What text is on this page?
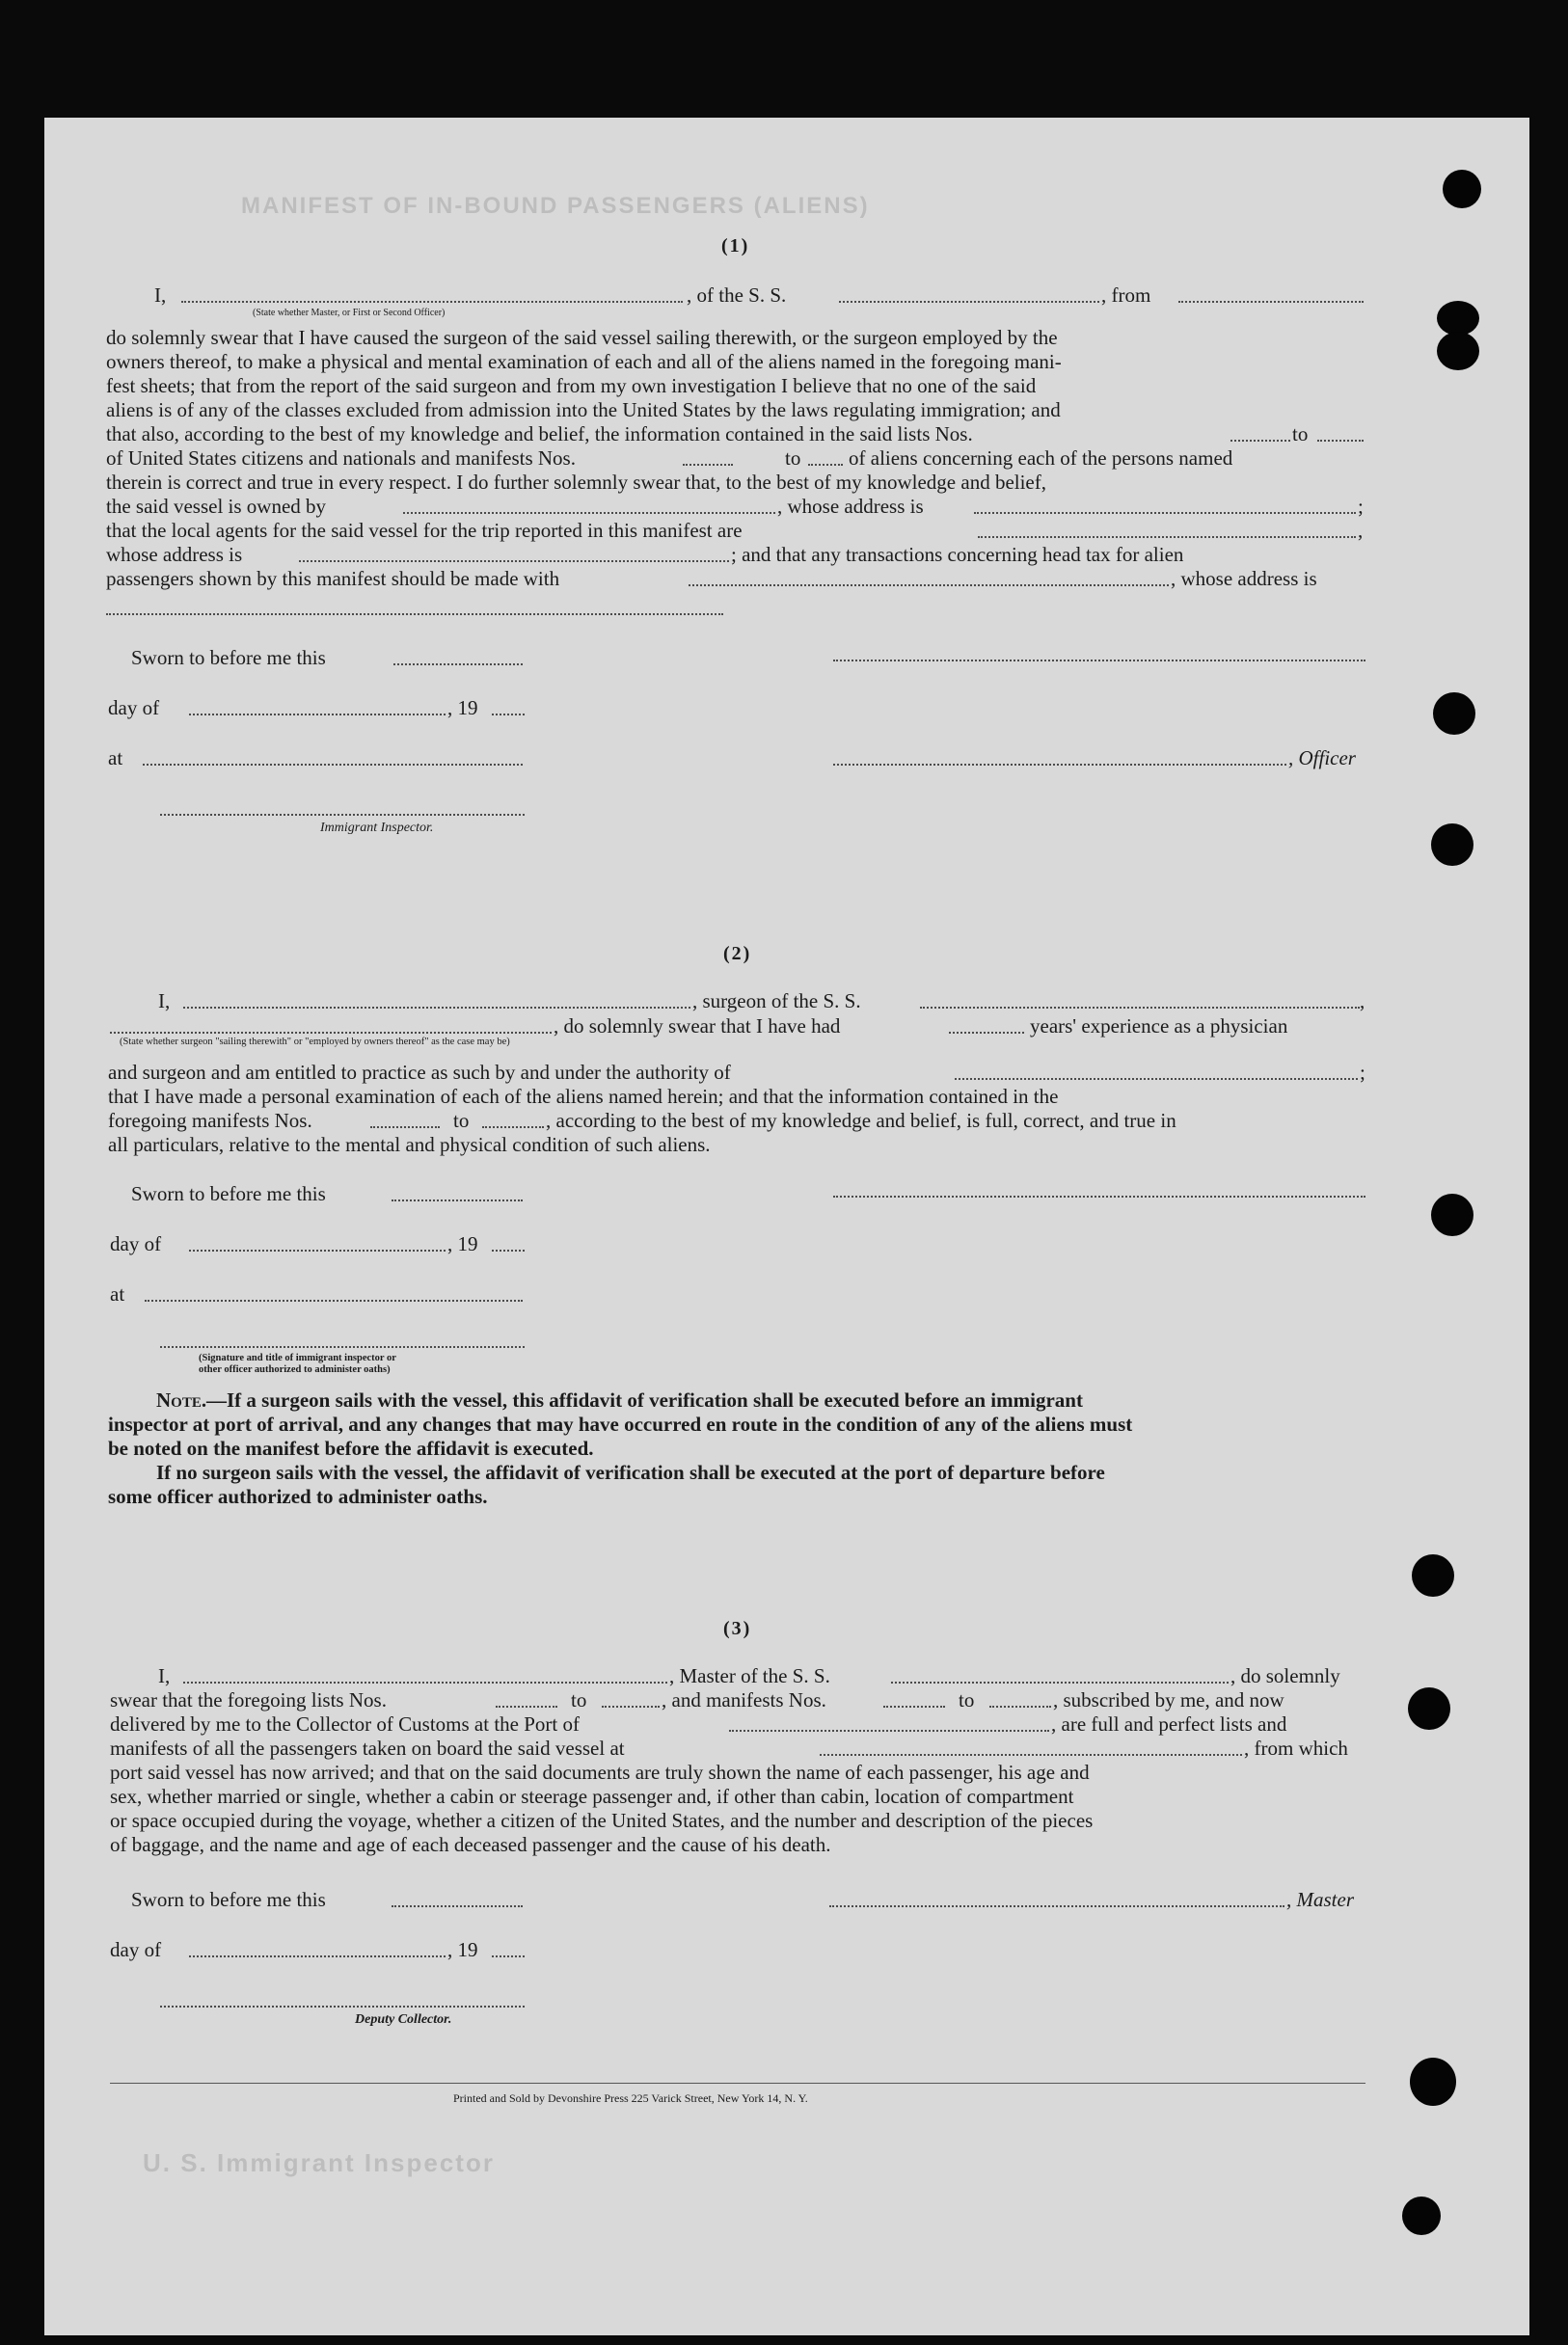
MANIFEST OF IN-BOUND PASSENGERS (ALIENS)
U. S. Immigrant Inspector
(1)
I,	, of the S. S.	, from
(State whether Master, or First or Second Officer)
do solemnly swear that I have caused the surgeon of the said vessel sailing therewith, or the surgeon employed by the
owners thereof, to make a physical and mental examination of each and all of the aliens named in the foregoing mani-
fest sheets; that from the report of the said surgeon and from my own investigation I believe that no one of the said
aliens is of any of the classes excluded from admission into the United States by the laws regulating immigration; and
that also, according to the best of my knowledge and belief, the information contained in the said lists Nos.	to
of United States citizens and nationals and manifests Nos.	to of aliens concerning each of the persons named
therein is correct and true in every respect. I do further solemnly swear that, to the best of my knowledge and belief,
the said vessel is owned by	, whose address is	;
that the local agents for the said vessel for the trip reported in this manifest are	,
whose address is	; and that any transactions concerning head tax for alien
passengers shown by this manifest should be made with	, whose address is
Sworn to before me this
day of	, 19
at	, Officer
Immigrant Inspector.
(2)
I,	, surgeon of the S. S.	,
, do solemnly swear that I have had	years' experience as a physician
(State whether surgeon "sailing therewith" or "employed by owners thereof" as the case may be)
and surgeon and am entitled to practice as such by and under the authority of	;
that I have made a personal examination of each of the aliens named herein; and that the information contained in the
foregoing manifests Nos.	to	, according to the best of my knowledge and belief, is full, correct, and true in
all particulars, relative to the mental and physical condition of such aliens.
Sworn to before me this
day of	, 19
at
(Signature and title of immigrant inspector or
other officer authorized to administer oaths)
Note. —If a surgeon sails with the vessel, this affidavit of verification shall be executed before an immigrant
inspector at port of arrival, and any changes that may have occurred en route in the condition of any of the aliens must
be noted on the manifest before the affidavit is executed.
If no surgeon sails with the vessel, the affidavit of verification shall be executed at the port of departure before
some officer authorized to administer oaths.
(3)
I,	, Master of the S. S.	, do solemnly
swear that the foregoing lists Nos.	to	, and manifests Nos.	to	, subscribed by me, and now
delivered by me to the Collector of Customs at the Port of	, are full and perfect lists and
manifests of all the passengers taken on board the said vessel at	, from which
port said vessel has now arrived; and that on the said documents are truly shown the name of each passenger, his age and
sex, whether married or single, whether a cabin or steerage passenger and, if other than cabin, location of compartment
or space occupied during the voyage, whether a citizen of the United States, and the number and description of the pieces
of baggage, and the name and age of each deceased passenger and the cause of his death.
Sworn to before me this	, Master
day of	, 19
Deputy Collector.
Printed and Sold by Devonshire Press 225 Varick Street, New York 14, N. Y.
